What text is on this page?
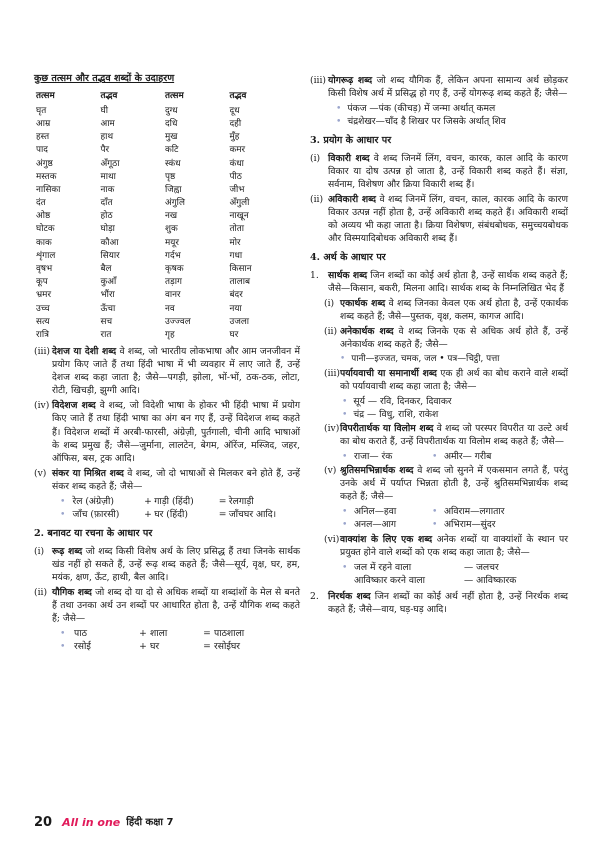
कुछ तत्सम और तद्भव शब्दों के उदाहरण
तत्सम	तद्भव	तत्सम	तद्भव
घृत	घी	दुग्ध	दूध
आम्र	आम	दधि	दही
हस्त	हाथ	मुख	मुँह
पाद	पैर	कटि	कमर
अंगुष्ठ	अँगूठा	स्कंध	कंधा
मस्तक	माथा	पृष्ठ	पीठ
नासिका	नाक	जिह्वा	जीभ
दंत	दाँत	अंगुलि	अँगुली
ओष्ठ	होठ	नख	नाखून
घोटक	घोड़ा	शुक	तोता
काक	कौआ	मयूर	मोर
शृंगाल	सियार	गर्दभ	गधा
वृषभ	बैल	कृषक	किसान
कूप	कुआँ	तड़ाग	तालाब
भ्रमर	भौंरा	वानर	बंदर
उच्च	ऊँचा	नव	नया
सत्य	सच	उज्ज्वल	उजला
रात्रि	रात	गृह	घर
(iii) देशज या देशी शब्द वे शब्द, जो भारतीय लोकभाषा और आम जनजीवन में प्रयोग किए जाते हैं तथा हिंदी भाषा में भी व्यवहार में लाए जाते हैं, उन्हें देशज शब्द कहा जाता है; जैसे—पगड़ी, झोला, भों-भों, ठक-ठक, लोटा, रोटी, खिचड़ी, झुग्गी आदि।
(iv) विदेशज शब्द वे शब्द, जो विदेशी भाषा के होकर भी हिंदी भाषा में प्रयोग किए जाते हैं तथा हिंदी भाषा का अंग बन गए हैं, उन्हें विदेशज शब्द कहते हैं। विदेशज शब्दों में अरबी-फारसी, अंग्रेज़ी, पुर्तगाली, चीनी आदि भाषाओं के शब्द प्रमुख हैं; जैसे—जुर्माना, लालटेन, बेगम, ऑरेंज, मस्जिद, जहर, ऑफिस, बस, ट्रक आदि।
(v) संकर या मिश्रित शब्द वे शब्द, जो दो भाषाओं से मिलकर बने होते हैं, उन्हें संकर शब्द कहते हैं; जैसे—
• रेल (अंग्रेज़ी)	+ गाड़ी (हिंदी)	= रेलगाड़ी
• जाँच (फ़ारसी)	+ घर (हिंदी)	= जाँचघर आदि।
2. बनावट या रचना के आधार पर
(i) रूढ़ शब्द जो शब्द किसी विशेष अर्थ के लिए प्रसिद्ध हैं तथा जिनके सार्थक खंड नहीं हो सकते हैं, उन्हें रूढ़ शब्द कहते हैं; जैसे—सूर्य, वृक्ष, घर, हम, मयंक, क्षण, ऊँट, हाथी, बैल आदि।
(ii) यौगिक शब्द जो शब्द दो या दो से अधिक शब्दों या शब्दांशों के मेल से बनते हैं तथा उनका अर्थ उन शब्दों पर आधारित होता है, उन्हें यौगिक शब्द कहते हैं; जैसे—
• पाठ	+ शाला	= पाठशाला
• रसोई	+ घर	= रसोईघर
(iii) योगरूढ़ शब्द जो शब्द यौगिक हैं, लेकिन अपना सामान्य अर्थ छोड़कर किसी विशेष अर्थ में प्रसिद्ध हो गए हैं, उन्हें योगरूढ़ शब्द कहते हैं; जैसे—
• पंकज —पंक (कीचड़) में जन्मा अर्थात् कमल
• चंद्रशेखर—चाँद है शिखर पर जिसके अर्थात् शिव
3. प्रयोग के आधार पर
(i) विकारी शब्द वे शब्द जिनमें लिंग, वचन, कारक, काल आदि के कारण विकार या दोष उत्पन्न हो जाता है, उन्हें विकारी शब्द कहते हैं। संज्ञा, सर्वनाम, विशेषण और क्रिया विकारी शब्द हैं।
(ii) अविकारी शब्द वे शब्द जिनमें लिंग, वचन, काल, कारक आदि के कारण विकार उत्पन्न नहीं होता है, उन्हें अविकारी शब्द कहते हैं। अविकारी शब्दों को अव्यय भी कहा जाता है। क्रिया विशेषण, संबंधबोधक, समुच्चयबोधक और विस्मयादिबोधक अविकारी शब्द हैं।
4. अर्थ के आधार पर
1. सार्थक शब्द जिन शब्दों का कोई अर्थ होता है, उन्हें सार्थक शब्द कहते हैं; जैसे—किसान, बकरी, मिलना आदि। सार्थक शब्द के निम्नलिखित भेद हैं
(i) एकार्थक शब्द वे शब्द जिनका केवल एक अर्थ होता है, उन्हें एकार्थक शब्द कहते हैं; जैसे—पुस्तक, वृक्ष, कलम, कागज आदि।
(ii) अनेकार्थक शब्द वे शब्द जिनके एक से अधिक अर्थ होते हैं, उन्हें अनेकार्थक शब्द कहते हैं; जैसे—
• पानी—इज्जत, चमक, जल • पत्र—चिट्ठी, पत्ता
(iii) पर्यायवाची या समानार्थी शब्द एक ही अर्थ का बोध कराने वाले शब्दों को पर्यायवाची शब्द कहा जाता है; जैसे—
• सूर्य — रवि, दिनकर, दिवाकर
• चंद्र — विधु, राशि, राकेश
(iv) विपरीतार्थक या विलोम शब्द वे शब्द जो परस्पर विपरीत या उल्टे अर्थ का बोध कराते हैं, उन्हें विपरीतार्थक या विलोम शब्द कहते हैं; जैसे—
• राजा— रंक	• अमीर— गरीब
(v) श्रुतिसमभिन्नार्थक शब्द वे शब्द जो सुनने में एकसमान लगते हैं, परंतु उनके अर्थ में पर्याप्त भिन्नता होती है, उन्हें श्रुतिसमभिन्नार्थक शब्द कहते हैं; जैसे—
• अनिल—हवा	• अविराम—लगातार
• अनल—आग	• अभिराम—सुंदर
(vi) वाक्यांश के लिए एक शब्द अनेक शब्दों या वाक्यांशों के स्थान पर प्रयुक्त होने वाले शब्दों को एक शब्द कहा जाता है; जैसे—
• जल में रहने वाला	— जलचर
आविष्कार करने वाला	— आविष्कारक
2. निरर्थक शब्द जिन शब्दों का कोई अर्थ नहीं होता है, उन्हें निरर्थक शब्द कहते हैं; जैसे—वाय, घड़-घड़ आदि।
20 All in one हिंदी कक्षा 7
